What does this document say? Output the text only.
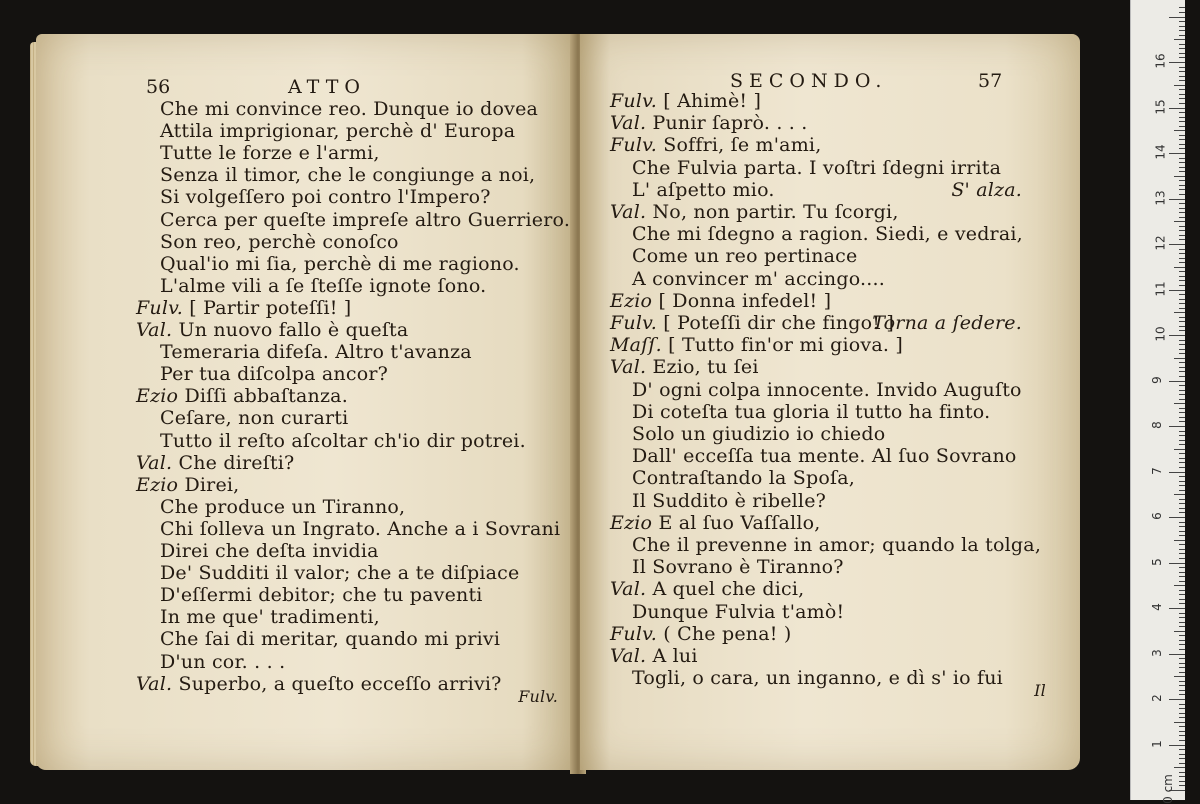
56	ATTO
Che mi convince reo. Dunque io dovea
Attila imprigionar, perchè d' Europa
Tutte le forze e l'armi,
Senza il timor, che le congiunge a noi,
Si volgeſſero poi contro l'Impero?
Cerca per queſte impreſe altro Guerriero.
Son reo, perchè conoſco
Qual'io mi ſia, perchè di me ragiono.
L'alme vili a ſe ſteſſe ignote ſono.
Fulv. [ Partir poteſſi! ]
Val. Un nuovo fallo è queſta
Temeraria difeſa. Altro t'avanza
Per tua diſcolpa ancor?
Ezio Diſſi abbaſtanza.
Ceſare, non curarti
Tutto il reſto aſcoltar ch'io dir potrei.
Val. Che direſti?
Ezio Direi,
Che produce un Tiranno,
Chi ſolleva un Ingrato. Anche a i Sovrani
Direi che deſta invidia
De' Sudditi il valor; che a te diſpiace
D'eſſermi debitor; che tu paventi
In me que' tradimenti,
Che ſai di meritar, quando mi privi
D'un cor. . . .
Val. Superbo, a queſto ecceſſo arrivi?
Fulv.
SECONDO.	57
Fulv. [ Ahimè! ]
Val. Punir ſaprò. . . .
Fulv. Soffri, ſe m'ami,
Che Fulvia parta. I voſtri ſdegni irrita
L' aſpetto mio.	S' alza.
Val. No, non partir. Tu ſcorgi,
Che mi ſdegno a ragion. Siedi, e vedrai,
Come un reo pertinace
A convincer m' accingo....
Ezio [ Donna infedel! ]
Fulv. [ Poteſſi dir che fingo! ]
Torna a ſedere.
Maſſ. [ Tutto fin'or mi giova. ]
Val. Ezio, tu ſei
D' ogni colpa innocente. Invido Auguſto
Di coteſta tua gloria il tutto ha finto.
Solo un giudizio io chiedo
Dall' ecceſſa tua mente. Al ſuo Sovrano
Contraſtando la Spoſa,
Il Suddito è ribelle?
Ezio E al ſuo Vaſſallo,
Che il prevenne in amor; quando la tolga,
Il Sovrano è Tiranno?
Val. A quel che dici,
Dunque Fulvia t'amò!
Fulv. ( Che pena! )
Val. A lui
Togli, o cara, un inganno, e dì s' io fui
Il
16
15
14
13
12
11
10
9
8
7
6
5
4
3
2
1
0 cm
